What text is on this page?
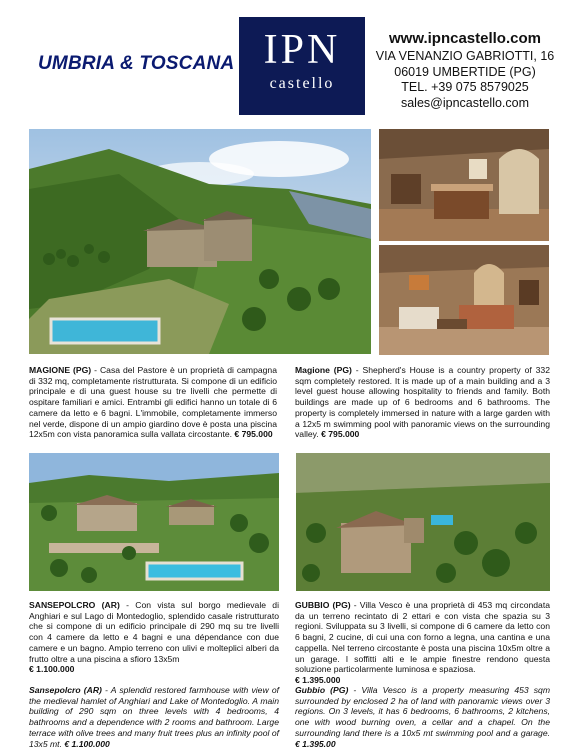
UMBRIA & TOSCANA IPN
castello
www.ipncastello.com
VIA VENANZIO GABRIOTTI, 16
06019 UMBERTIDE (PG)
TEL. +39 075 8579025
sales@ipncastello.com
MAGIONE (PG) - Casa del Pastore è un proprietà di campagna di 332 mq, completamente ristrutturata. Si compone di un edificio principale e di una guest house su tre livelli che permette di ospitare familiari e amici. Entrambi gli edifici hanno un totale di 6 camere da letto e 6 bagni. L'immobile, completamente immerso nel verde, dispone di un ampio giardino dove è posta una piscina 12x5m con vista panoramica sulla vallata circostante. € 795.000
Magione (PG) - Shepherd's House is a country property of 332 sqm completely restored. It is made up of a main building and a 3 level guest house allowing hospitality to friends and family. Both buildings are made up of 6 bedrooms and 6 bathrooms. The property is completely immersed in nature with a large garden with a 12x5 m swimming pool with panoramic views on the surrounding valley. € 795.000
SANSEPOLCRO (AR) - Con vista sul borgo medievale di Anghiari e sul Lago di Montedoglio, splendido casale ristrutturato che si compone di un edificio principale di 290 mq su tre livelli con 4 camere da letto e 4 bagni e una dépendance con due camere e un bagno. Ampio terreno con ulivi e molteplici alberi da frutto oltre a una piscina a sfioro 13x5m
€ 1.100.000
GUBBIO (PG) - Villa Vesco è una proprietà di 453 mq circondata da un terreno recintato di 2 ettari e con vista che spazia su 3 regioni. Sviluppata su 3 livelli, si compone di 6 camere da letto con 6 bagni, 2 cucine, di cui una con forno a legna, una cantina e una cappella. Nel terreno circostante è posta una piscina 10x5m oltre a un garage. I soffitti alti e le ampie finestre rendono questa soluzione particolarmente luminosa e spaziosa.
€ 1.395.000
Sansepolcro (AR) - A splendid restored farmhouse with view of the medieval hamlet of Anghiari and Lake of Montedoglio. A main building of 290 sqm on three levels with 4 bedrooms, 4 bathrooms and a dependence with 2 rooms and bathroom. Large terrace with olive trees and many fruit trees plus an infinity pool of 13x5 mt. € 1.100.000
Gubbio (PG) - Villa Vesco is a property measuring 453 sqm surrounded by enclosed 2 ha of land with panoramic views over 3 regions. On 3 levels, it has 6 bedrooms, 6 bathrooms, 2 kitchens, one with wood burning oven, a cellar and a chapel. On the surrounding land there is a 10x5 mt swimming pool and a garage. € 1.395.00
